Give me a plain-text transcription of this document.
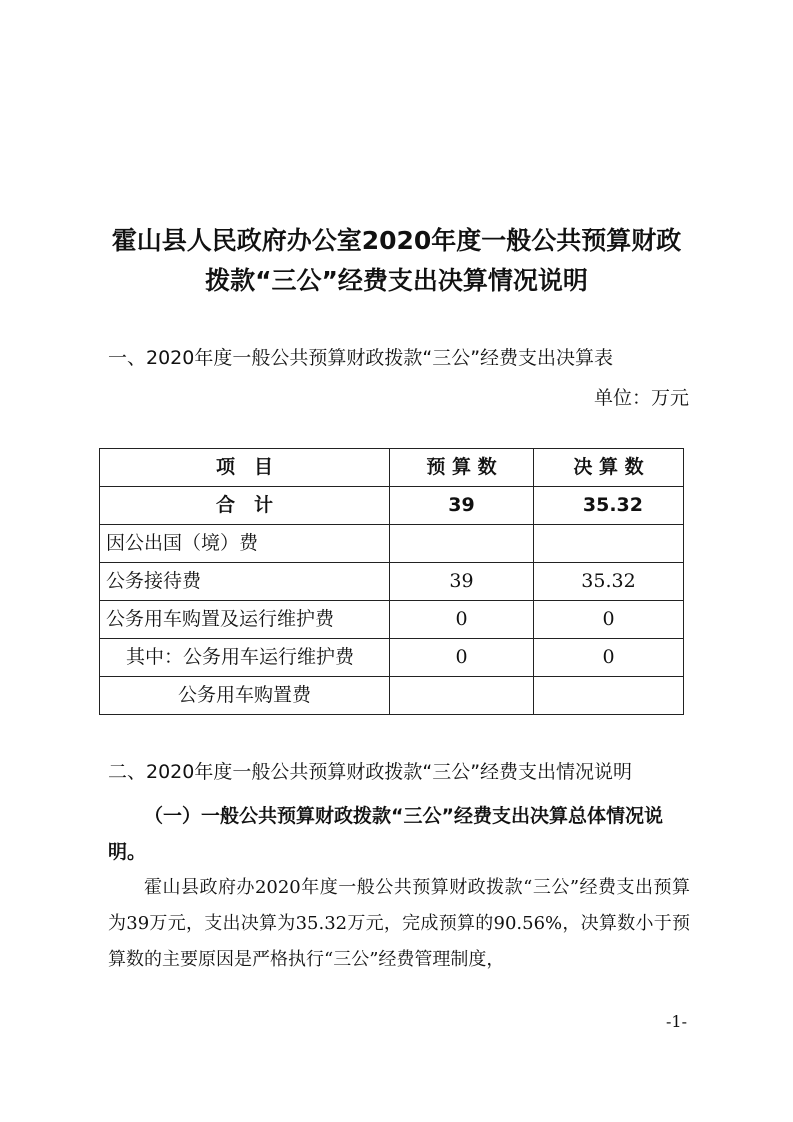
霍山县人民政府办公室2020年度一般公共预算财政
拨款“三公”经费支出决算情况说明
一、2020年度一般公共预算财政拨款“三公”经费支出决算表
单位：万元
项　目	预 算 数	决 算 数
合　计	39	35.32
因公出国（境）费		
公务接待费	39	35.32
公务用车购置及运行维护费	0	0
其中：公务用车运行维护费	0	0
公务用车购置费		
二、2020年度一般公共预算财政拨款“三公”经费支出情况说明
（一）一般公共预算财政拨款“三公”经费支出决算总体情况说明。
霍山县政府办2020年度一般公共预算财政拨款“三公”经费支出预算为39万元，支出决算为35.32万元，完成预算的90.56%，决算数小于预算数的主要原因是严格执行“三公”经费管理制度，
-1-
